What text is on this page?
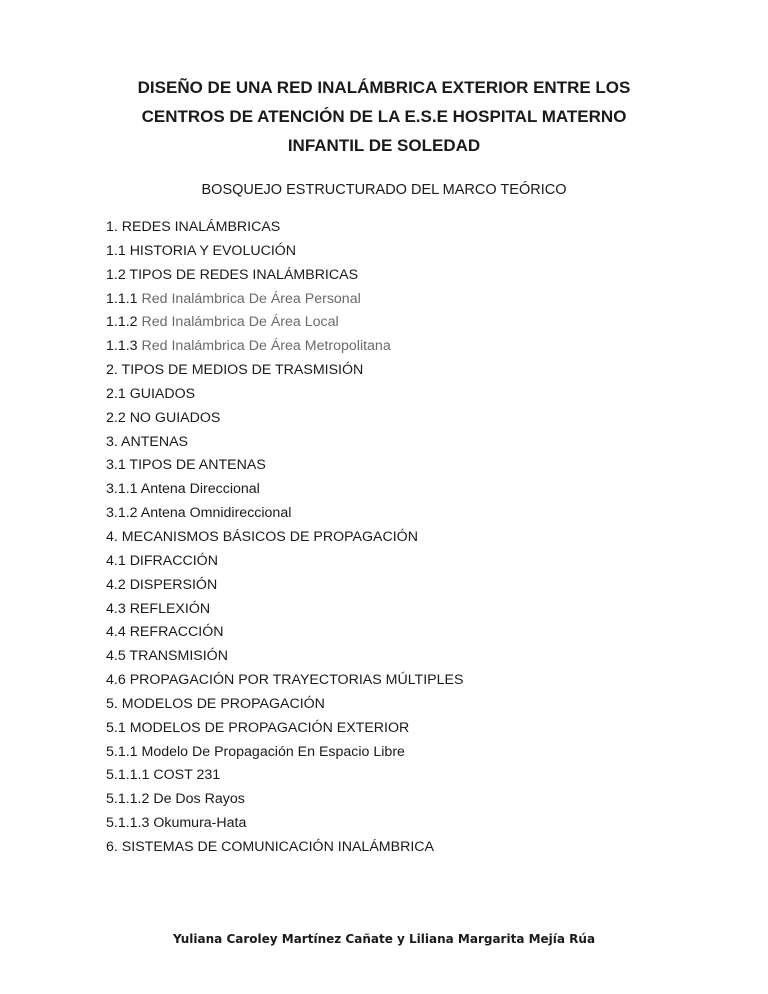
DISEÑO DE UNA RED INALÁMBRICA EXTERIOR ENTRE LOS
CENTROS DE ATENCIÓN DE LA E.S.E HOSPITAL MATERNO
INFANTIL DE SOLEDAD
BOSQUEJO ESTRUCTURADO DEL MARCO TEÓRICO
1. REDES INALÁMBRICAS
1.1 HISTORIA Y EVOLUCIÓN
1.2 TIPOS DE REDES INALÁMBRICAS
1.1.1 Red Inalámbrica De Área Personal
1.1.2 Red Inalámbrica De Área Local
1.1.3 Red Inalámbrica De Área Metropolitana
2. TIPOS DE MEDIOS DE TRASMISIÓN
2.1 GUIADOS
2.2 NO GUIADOS
3. ANTENAS
3.1 TIPOS DE ANTENAS
3.1.1 Antena Direccional
3.1.2 Antena Omnidireccional
4. MECANISMOS BÁSICOS DE PROPAGACIÓN
4.1 DIFRACCIÓN
4.2 DISPERSIÓN
4.3 REFLEXIÓN
4.4 REFRACCIÓN
4.5 TRANSMISIÓN
4.6 PROPAGACIÓN POR TRAYECTORIAS MÚLTIPLES
5. MODELOS DE PROPAGACIÓN
5.1 MODELOS DE PROPAGACIÓN EXTERIOR
5.1.1 Modelo De Propagación En Espacio Libre
5.1.1.1 COST 231
5.1.1.2 De Dos Rayos
5.1.1.3 Okumura-Hata
6. SISTEMAS DE COMUNICACIÓN INALÁMBRICA
Yuliana Caroley Martínez Cañate y Liliana Margarita Mejía Rúa
